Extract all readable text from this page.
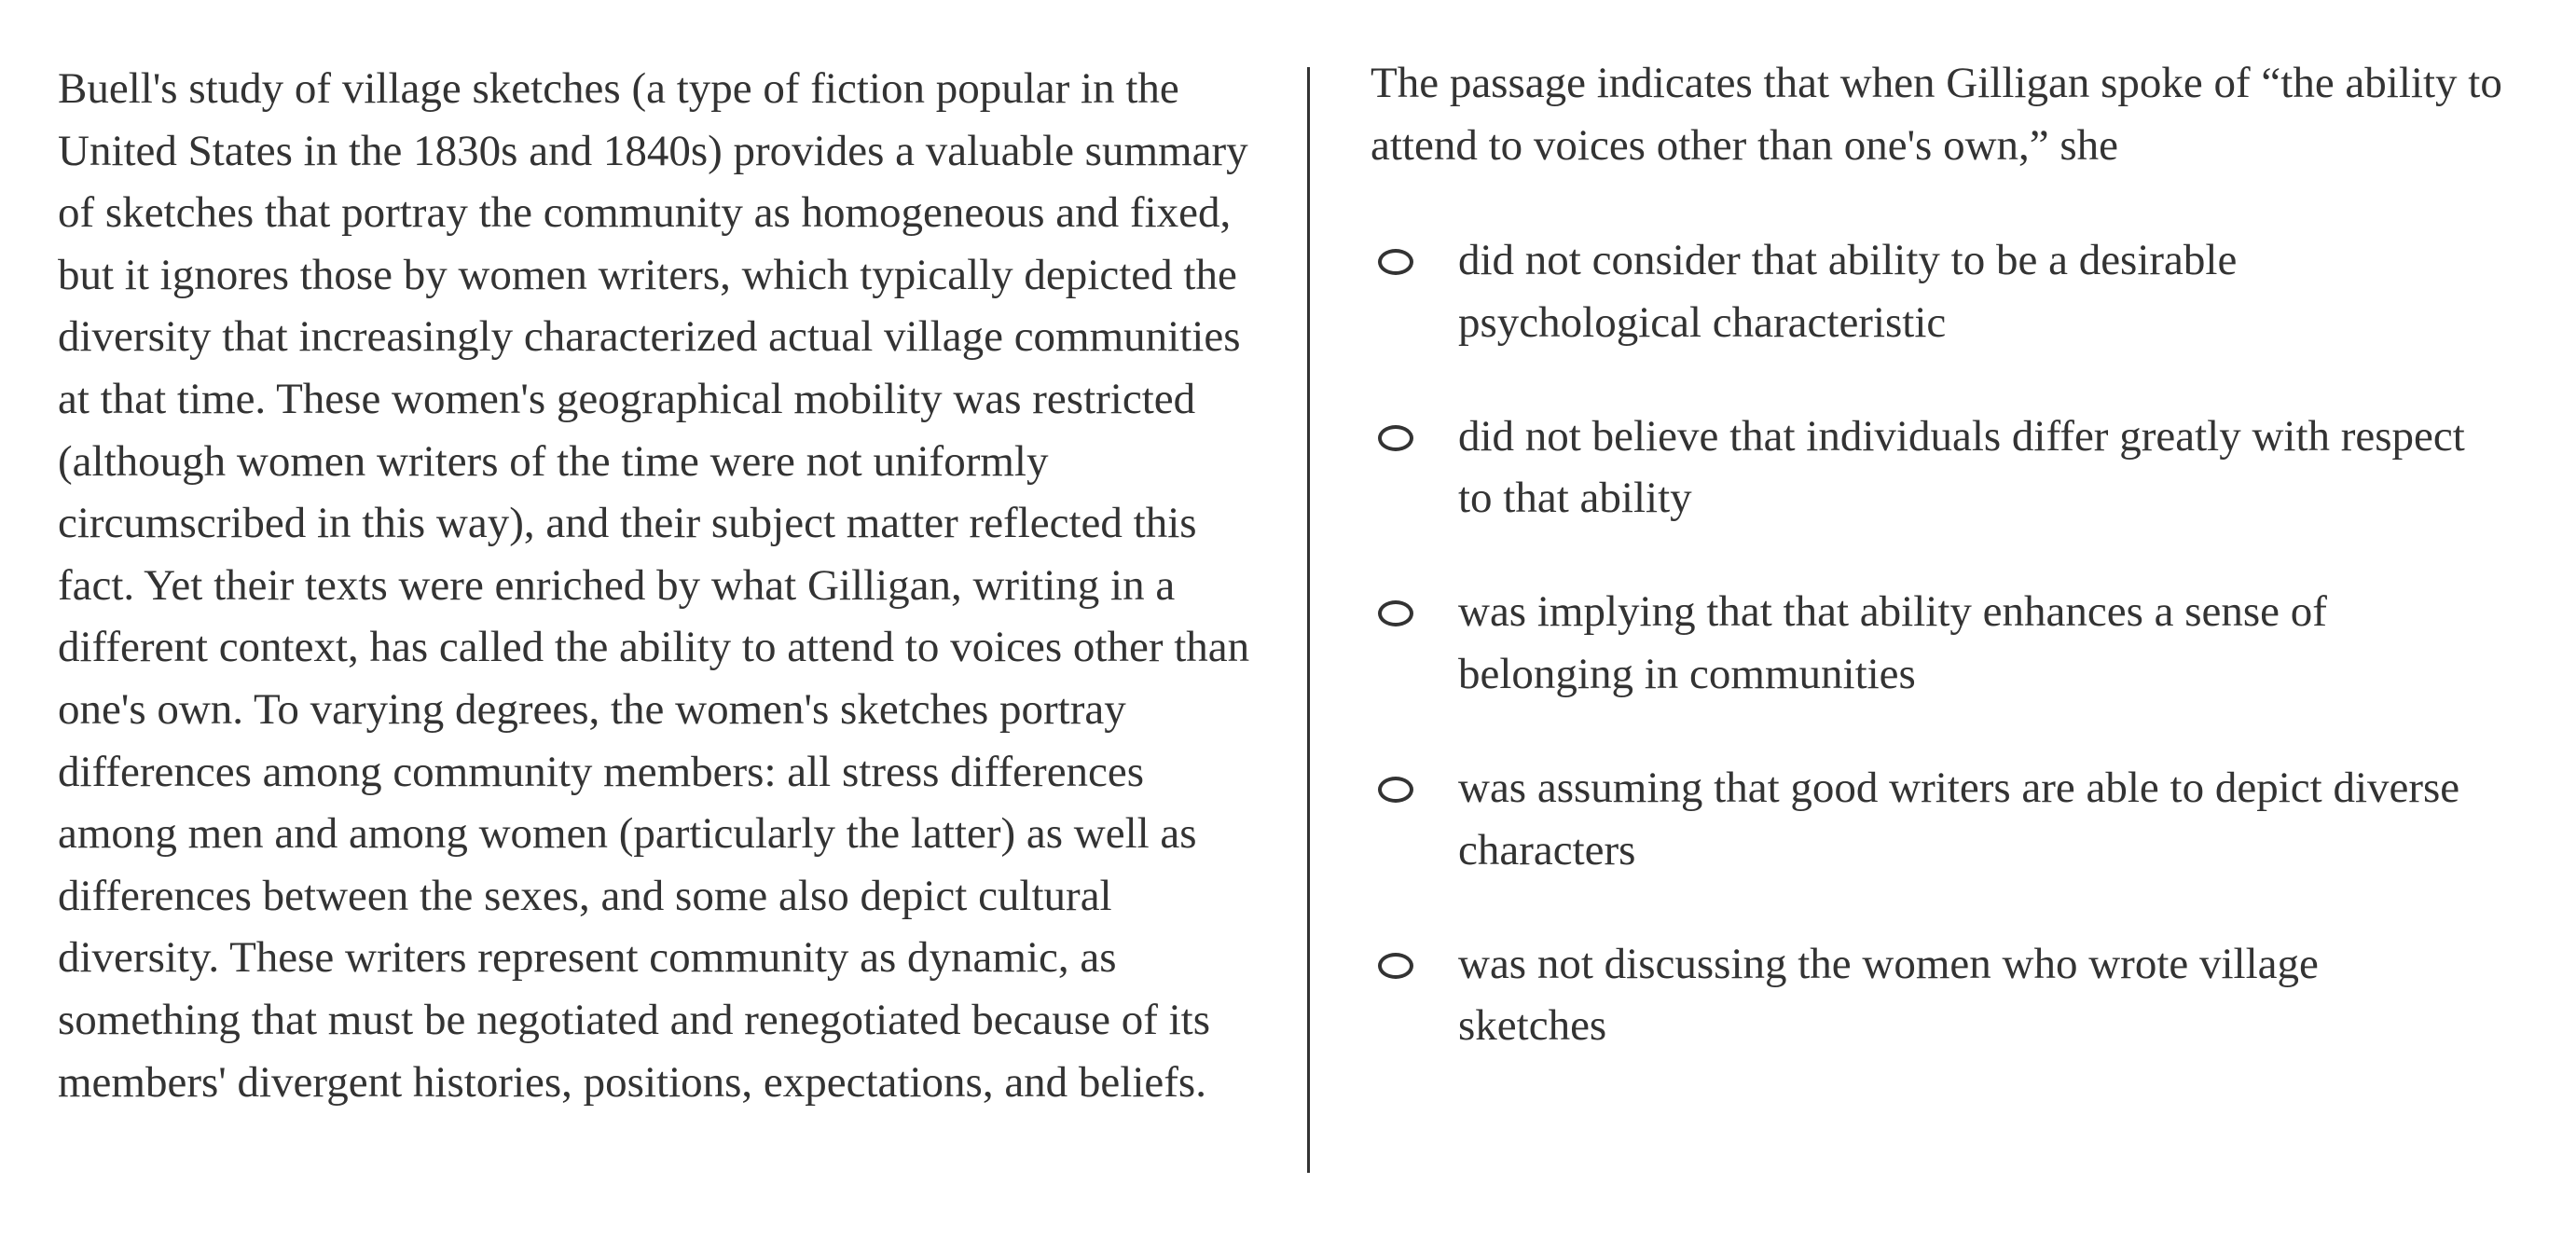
Buell's study of village sketches (a type of fiction popular in the United States in the 1830s and 1840s) provides a valuable summary of sketches that portray the community as homogeneous and fixed, but it ignores those by women writers, which typically depicted the diversity that increasingly characterized actual village communities at that time. These women's geographical mobility was restricted (although women writers of the time were not uniformly circumscribed in this way), and their subject matter reflected this fact. Yet their texts were enriched by what Gilligan, writing in a different context, has called the ability to attend to voices other than one's own. To varying degrees, the women's sketches portray differences among community members: all stress differences among men and among women (particularly the latter) as well as differences between the sexes, and some also depict cultural diversity. These writers represent community as dynamic, as something that must be negotiated and renegotiated because of its members' divergent histories, positions, expectations, and beliefs.

The passage indicates that when Gilligan spoke of “the ability to attend to voices other than one's own,” she

did not consider that ability to be a desirable psychological characteristic
did not believe that individuals differ greatly with respect to that ability
was implying that that ability enhances a sense of belonging in communities
was assuming that good writers are able to depict diverse characters
was not discussing the women who wrote village sketches
